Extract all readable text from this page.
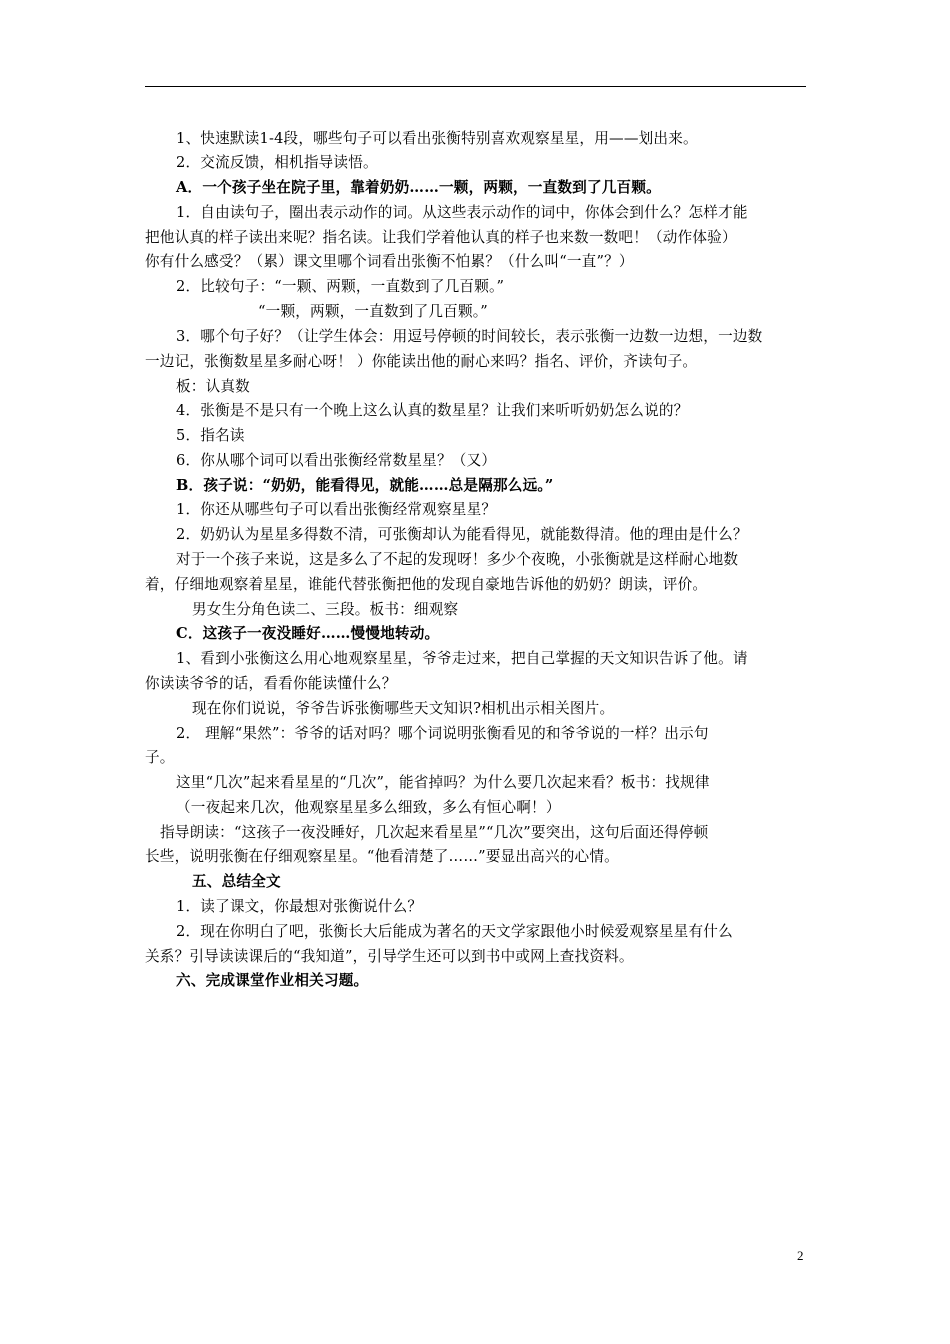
1、快速默读1-4段，哪些句子可以看出张衡特别喜欢观察星星，用——划出来。
2．交流反馈，相机指导读悟。
A．一个孩子坐在院子里，靠着奶奶……一颗，两颗，一直数到了几百颗。
1．自由读句子，圈出表示动作的词。从这些表示动作的词中，你体会到什么？怎样才能
把他认真的样子读出来呢？指名读。让我们学着他认真的样子也来数一数吧！（动作体验）
你有什么感受？（累）课文里哪个词看出张衡不怕累？（什么叫“一直”？）
2．比较句子：“一颗、两颗，一直数到了几百颗。”
“一颗，两颗，一直数到了几百颗。”
3．哪个句子好？（让学生体会：用逗号停顿的时间较长，表示张衡一边数一边想，一边数
一边记，张衡数星星多耐心呀！ ）你能读出他的耐心来吗？指名、评价，齐读句子。
板：认真数
4．张衡是不是只有一个晚上这么认真的数星星？让我们来听听奶奶怎么说的？
5．指名读
6．你从哪个词可以看出张衡经常数星星？（又）
B．孩子说：“奶奶，能看得见，就能……总是隔那么远。”
1．你还从哪些句子可以看出张衡经常观察星星？
2．奶奶认为星星多得数不清，可张衡却认为能看得见，就能数得清。他的理由是什么？
对于一个孩子来说，这是多么了不起的发现呀！多少个夜晚，小张衡就是这样耐心地数
着，仔细地观察着星星，谁能代替张衡把他的发现自豪地告诉他的奶奶？朗读，评价。
男女生分角色读二、三段。板书：细观察
C．这孩子一夜没睡好……慢慢地转动。
1、看到小张衡这么用心地观察星星，爷爷走过来，把自己掌握的天文知识告诉了他。请
你读读爷爷的话，看看你能读懂什么？
现在你们说说，爷爷告诉张衡哪些天文知识?相机出示相关图片。
2． 理解“果然”：爷爷的话对吗？哪个词说明张衡看见的和爷爷说的一样？出示句
子。
这里“几次”起来看星星的“几次”，能省掉吗？为什么要几次起来看？板书：找规律
（一夜起来几次，他观察星星多么细致，多么有恒心啊！）
指导朗读：“这孩子一夜没睡好，几次起来看星星”“几次”要突出，这句后面还得停顿
长些，说明张衡在仔细观察星星。“他看清楚了……”要显出高兴的心情。
五、总结全文
1．读了课文，你最想对张衡说什么？
2．现在你明白了吧，张衡长大后能成为著名的天文学家跟他小时候爱观察星星有什么
关系？引导读读课后的“我知道”，引导学生还可以到书中或网上查找资料。
六、完成课堂作业相关习题。
2
